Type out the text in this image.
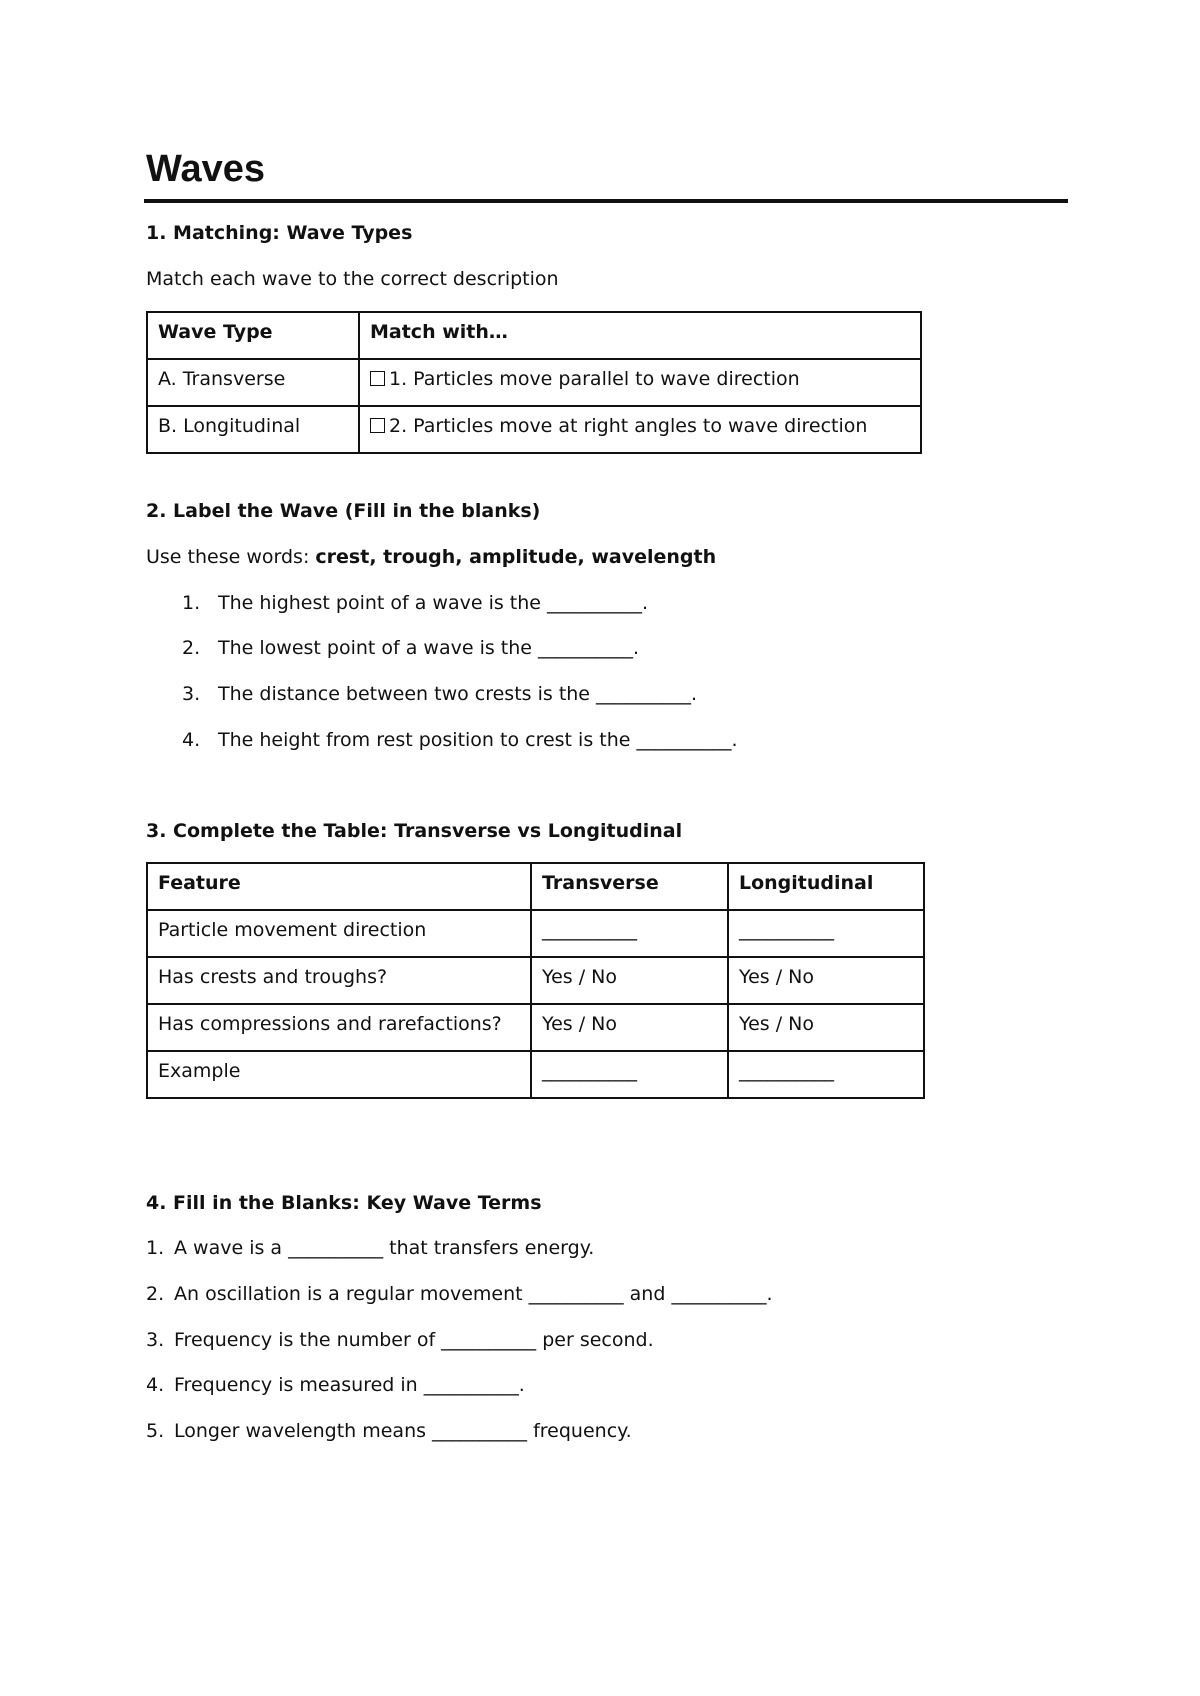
Waves
1. Matching: Wave Types
Match each wave to the correct description
Wave Type	Match with…
A. Transverse	1. Particles move parallel to wave direction
B. Longitudinal	2. Particles move at right angles to wave direction
2. Label the Wave (Fill in the blanks)
Use these words: crest, trough, amplitude, wavelength
1. The highest point of a wave is the __________.
2. The lowest point of a wave is the __________.
3. The distance between two crests is the __________.
4. The height from rest position to crest is the __________.
3. Complete the Table: Transverse vs Longitudinal
Feature	Transverse	Longitudinal
Particle movement direction	__________	__________
Has crests and troughs?	Yes / No	Yes / No
Has compressions and rarefactions?	Yes / No	Yes / No
Example	__________	__________
4. Fill in the Blanks: Key Wave Terms
1. A wave is a __________ that transfers energy.
2. An oscillation is a regular movement __________ and __________.
3. Frequency is the number of __________ per second.
4. Frequency is measured in __________.
5. Longer wavelength means __________ frequency.
